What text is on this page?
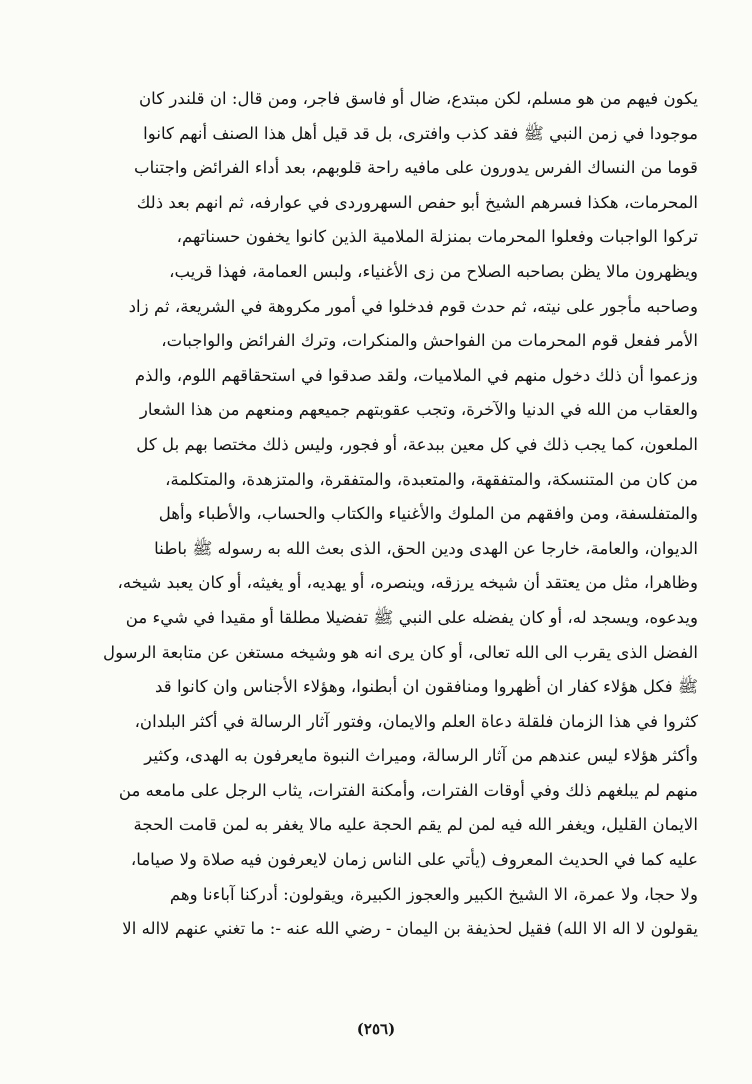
يكون فيهم من هو مسلم، لكن مبتدع، ضال أو فاسق فاجر، ومن قال: ان قلندر كان
موجودا في زمن النبي ﷺ فقد كذب وافترى، بل قد قيل أهل هذا الصنف أنهم كانوا
قوما من النساك الفرس يدورون على مافيه راحة قلوبهم، بعد أداء الفرائض واجتناب
المحرمات، هكذا فسرهم الشيخ أبو حفص السهروردى في عوارفه، ثم انهم بعد ذلك
تركوا الواجبات وفعلوا المحرمات بمنزلة الملامية الذين كانوا يخفون حسناتهم،
ويظهرون مالا يظن بصاحبه الصلاح من زى الأغنياء، ولبس العمامة، فهذا قريب،
وصاحبه مأجور على نيته، ثم حدث قوم فدخلوا في أمور مكروهة في الشريعة، ثم زاد
الأمر ففعل قوم المحرمات من الفواحش والمنكرات، وترك الفرائض والواجبات،
وزعموا أن ذلك دخول منهم في الملاميات، ولقد صدقوا في استحقاقهم اللوم، والذم
والعقاب من الله في الدنيا والآخرة، وتجب عقوبتهم جميعهم ومنعهم من هذا الشعار
الملعون، كما يجب ذلك في كل معين ببدعة، أو فجور، وليس ذلك مختصا بهم بل كل
من كان من المتنسكة، والمتفقهة، والمتعبدة، والمتفقرة، والمتزهدة، والمتكلمة،
والمتفلسفة، ومن وافقهم من الملوك والأغنياء والكتاب والحساب، والأطباء وأهل
الديوان، والعامة، خارجا عن الهدى ودين الحق، الذى بعث الله به رسوله ﷺ باطنا
وظاهرا، مثل من يعتقد أن شيخه يرزقه، وينصره، أو يهديه، أو يغيثه، أو كان يعبد شيخه،
ويدعوه، ويسجد له، أو كان يفضله على النبي ﷺ تفضيلا مطلقا أو مقيدا في شيء من
الفضل الذى يقرب الى الله تعالى، أو كان يرى انه هو وشيخه مستغن عن متابعة الرسول
ﷺ فكل هؤلاء كفار ان أظهروا ومنافقون ان أبطنوا، وهؤلاء الأجناس وان كانوا قد
كثروا في هذا الزمان فلقلة دعاة العلم والايمان، وفتور آثار الرسالة في أكثر البلدان،
وأكثر هؤلاء ليس عندهم من آثار الرسالة، وميراث النبوة مايعرفون به الهدى، وكثير
منهم لم يبلغهم ذلك وفي أوقات الفترات، وأمكنة الفترات، يثاب الرجل على مامعه من
الايمان القليل، ويغفر الله فيه لمن لم يقم الحجة عليه مالا يغفر به لمن قامت الحجة
عليه كما في الحديث المعروف (يأتي على الناس زمان لايعرفون فيه صلاة ولا صياما،
ولا حجا، ولا عمرة، الا الشيخ الكبير والعجوز الكبيرة، ويقولون: أدركنا آباءنا وهم
يقولون لا اله الا الله) فقيل لحذيفة بن اليمان - رضي الله عنه -: ما تغني عنهم لااله الا
(٢٥٦)
